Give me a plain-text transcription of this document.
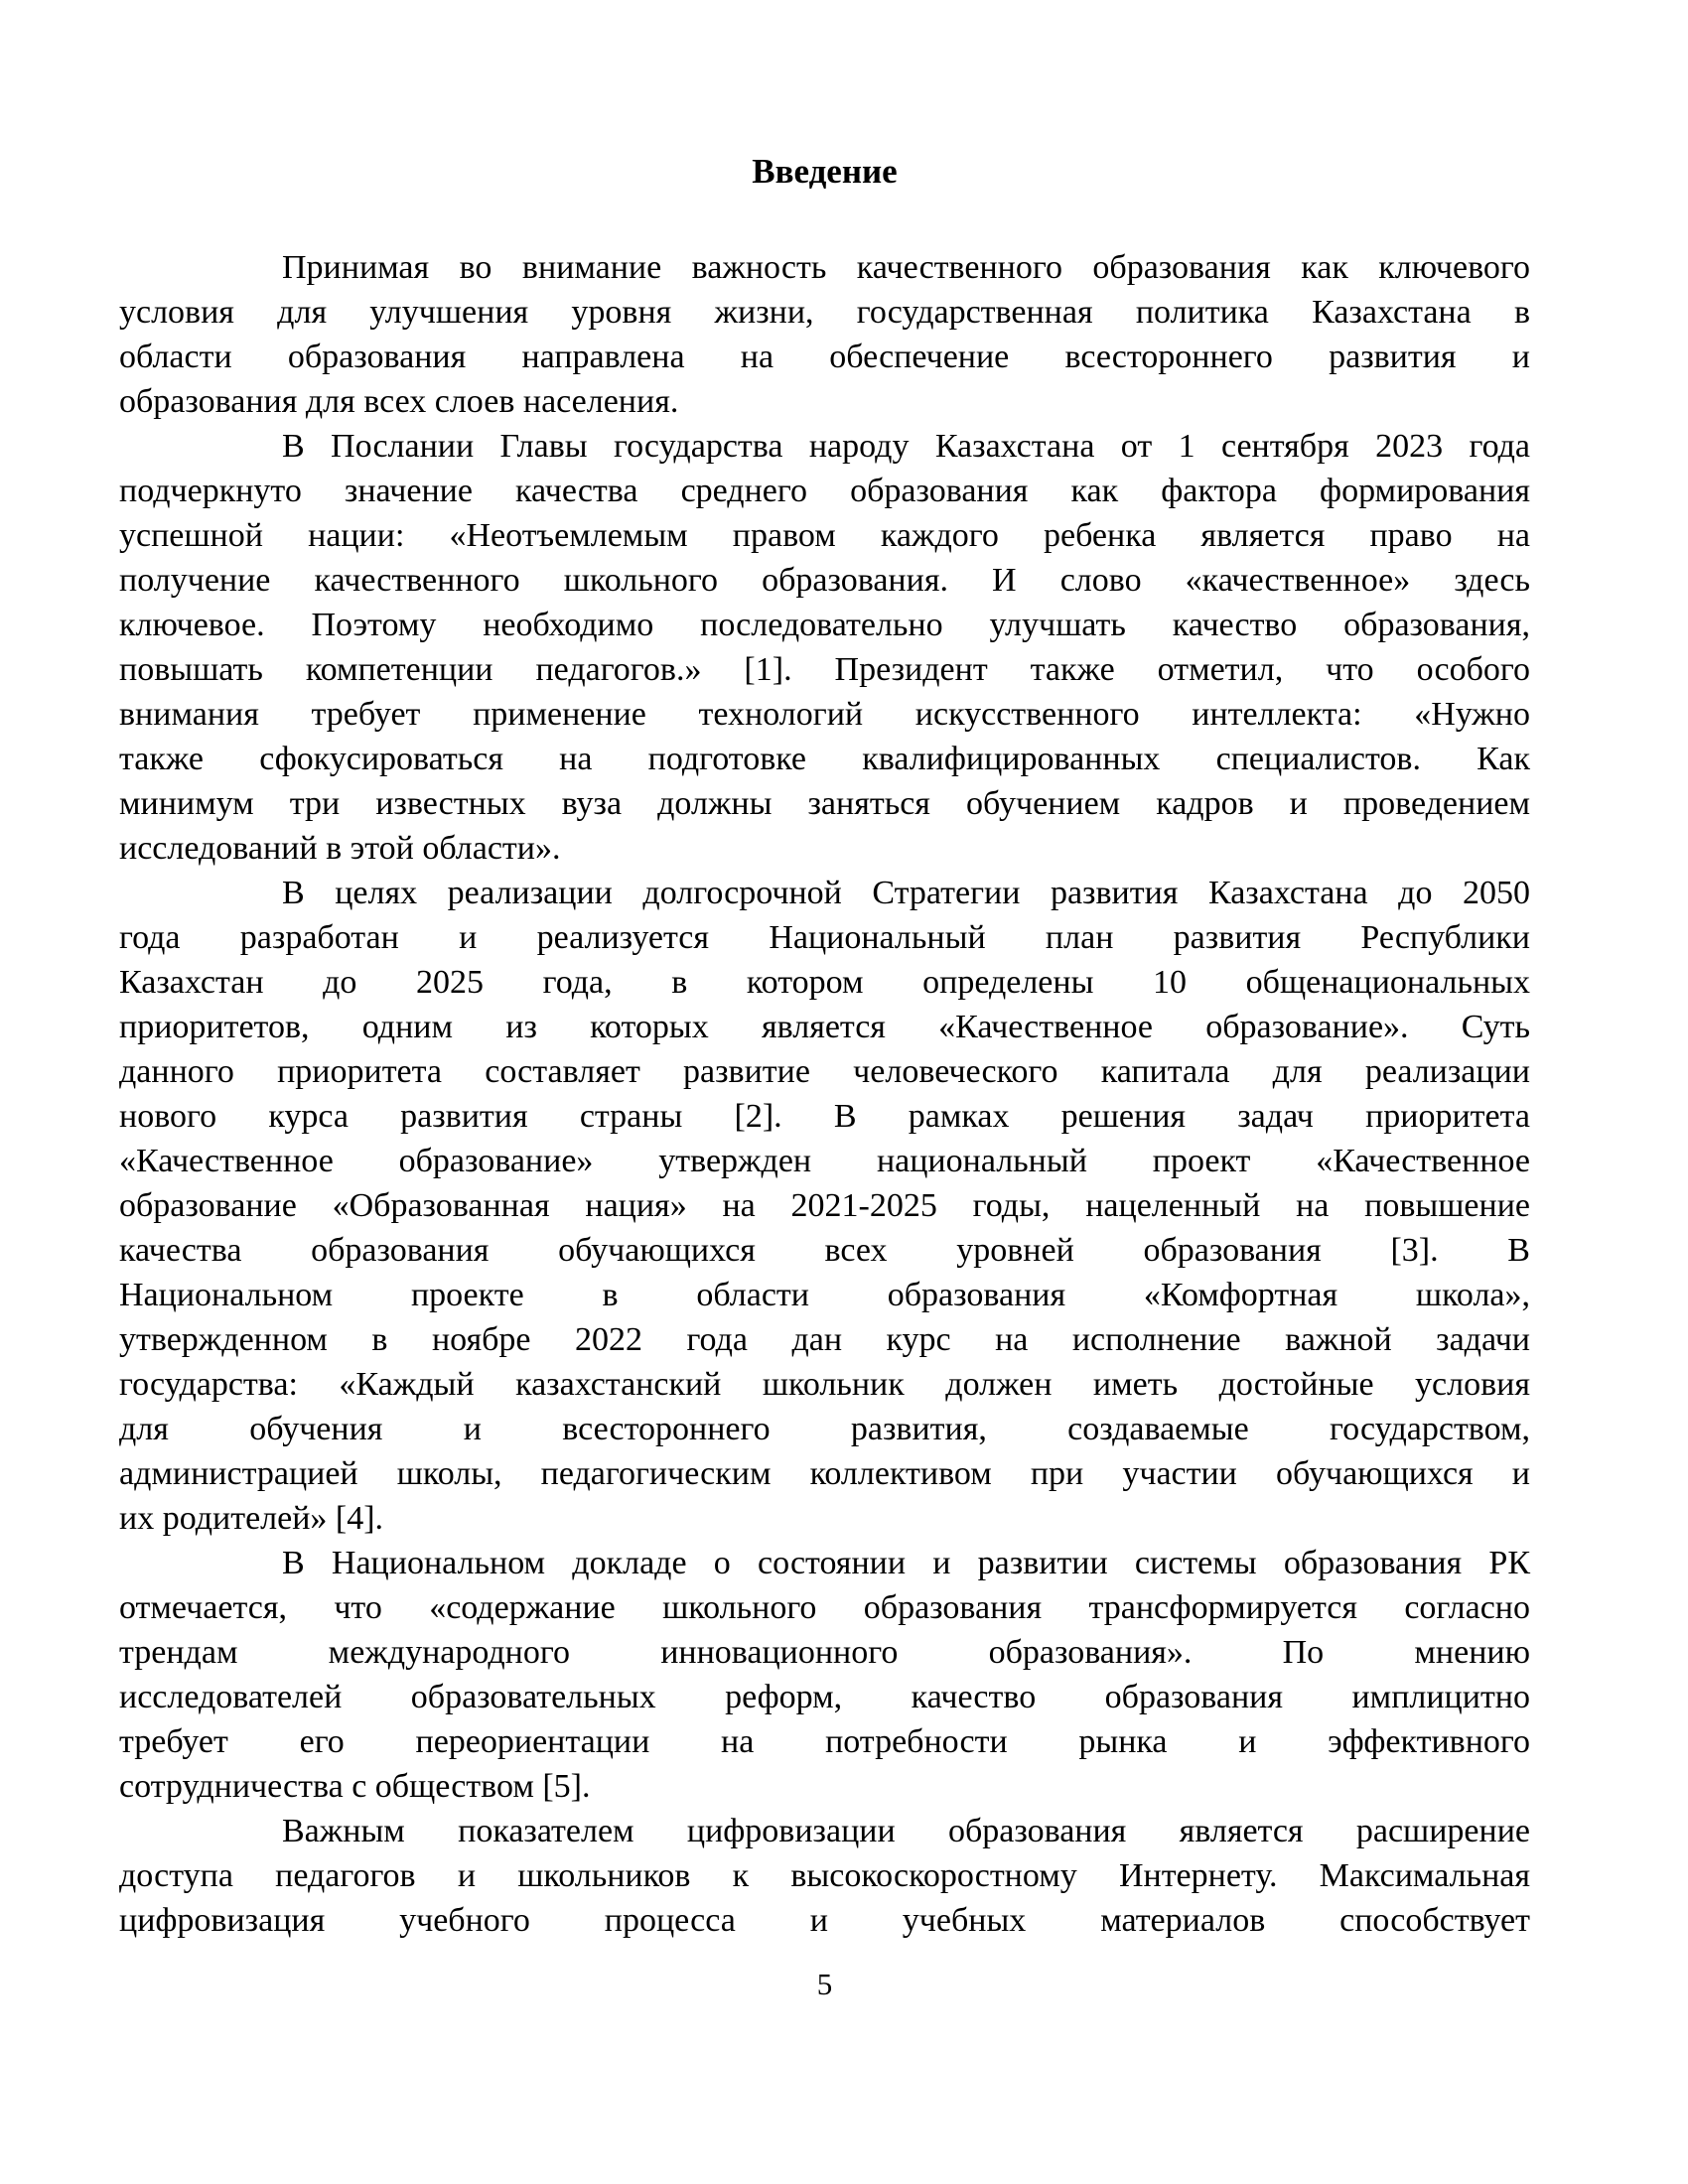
Введение
Принимая во внимание важность качественного образования как ключевого
условия для улучшения уровня жизни, государственная политика Казахстана в
области образования направлена на обеспечение всестороннего развития и
образования для всех слоев населения.
В Послании Главы государства народу Казахстана от 1 сентября 2023 года
подчеркнуто значение качества среднего образования как фактора формирования
успешной нации: «Неотъемлемым правом каждого ребенка является право на
получение качественного школьного образования. И слово «качественное» здесь
ключевое. Поэтому необходимо последовательно улучшать качество образования,
повышать компетенции педагогов.» [1]. Президент также отметил, что особого
внимания требует применение технологий искусственного интеллекта: «Нужно
также сфокусироваться на подготовке квалифицированных специалистов. Как
минимум три известных вуза должны заняться обучением кадров и проведением
исследований в этой области».
В целях реализации долгосрочной Стратегии развития Казахстана до 2050
года разработан и реализуется Национальный план развития Республики
Казахстан до 2025 года, в котором определены 10 общенациональных
приоритетов, одним из которых является «Качественное образование». Суть
данного приоритета составляет развитие человеческого капитала для реализации
нового курса развития страны [2]. В рамках решения задач приоритета
«Качественное образование» утвержден национальный проект «Качественное
образование «Образованная нация» на 2021-2025 годы, нацеленный на повышение
качества образования обучающихся всех уровней образования [3]. В
Национальном проекте в области образования «Комфортная школа»,
утвержденном в ноябре 2022 года дан курс на исполнение важной задачи
государства: «Каждый казахстанский школьник должен иметь достойные условия
для обучения и всестороннего развития, создаваемые государством,
администрацией школы, педагогическим коллективом при участии обучающихся и
их родителей» [4].
В Национальном докладе о состоянии и развитии системы образования РК
отмечается, что «содержание школьного образования трансформируется согласно
трендам международного инновационного образования». По мнению
исследователей образовательных реформ, качество образования имплицитно
требует его переориентации на потребности рынка и эффективного
сотрудничества с обществом [5].
Важным показателем цифровизации образования является расширение
доступа педагогов и школьников к высокоскоростному Интернету. Максимальная
цифровизация учебного процесса и учебных материалов способствует
5
